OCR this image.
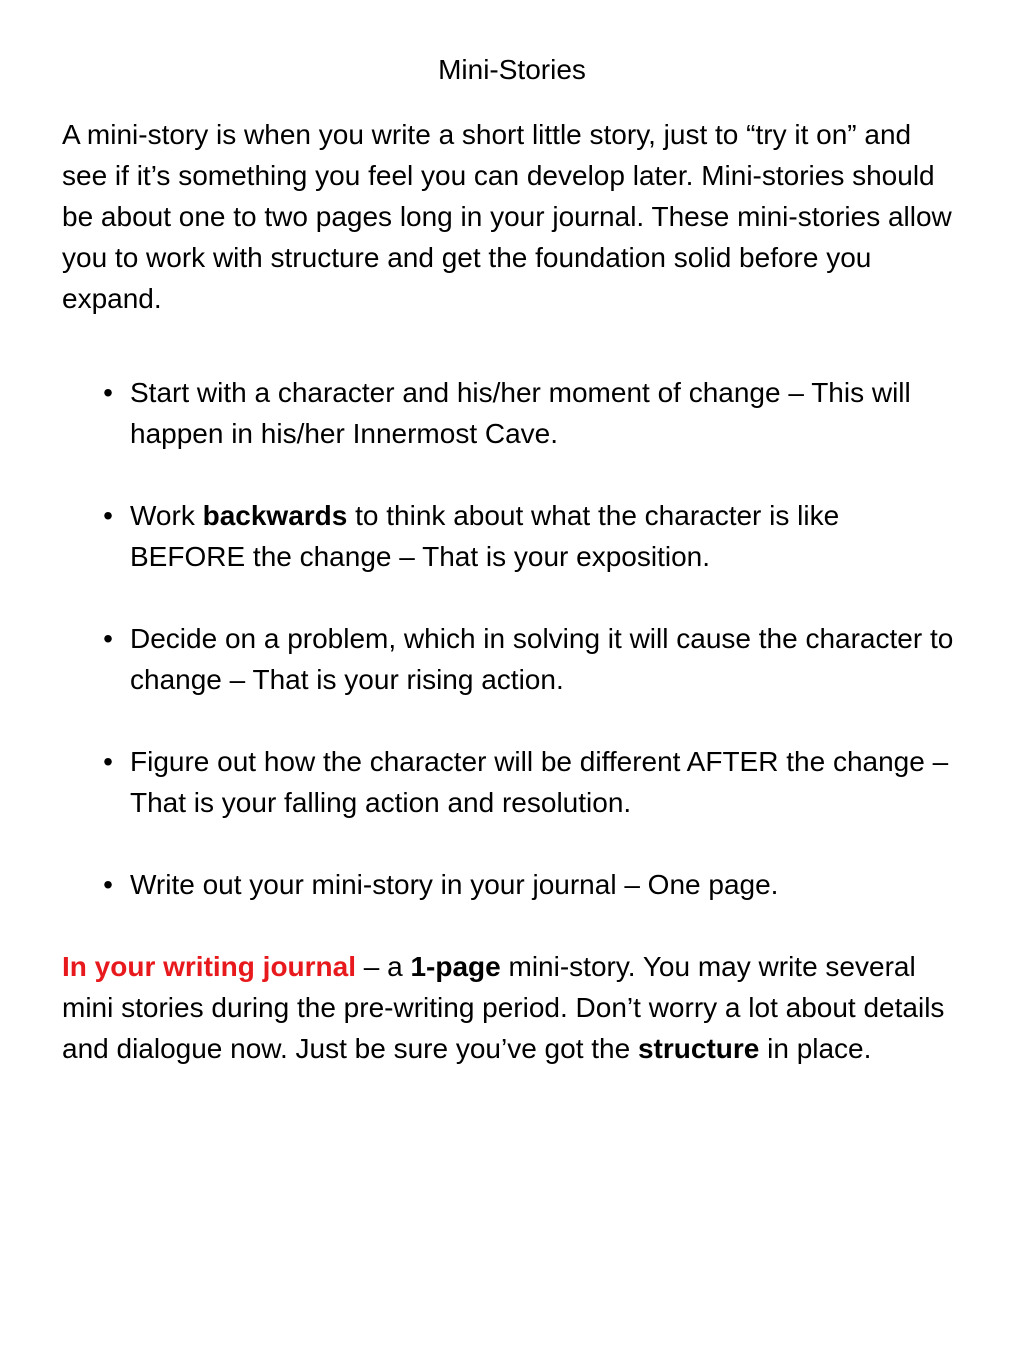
Mini-Stories

A mini-story is when you write a short little story, just to “try it on” and see if it’s something you feel you can develop later. Mini-stories should be about one to two pages long in your journal. These mini-stories allow you to work with structure and get the foundation solid before you expand.

• Start with a character and his/her moment of change – This will happen in his/her Innermost Cave.
• Work backwards to think about what the character is like BEFORE the change – That is your exposition.
• Decide on a problem, which in solving it will cause the character to change – That is your rising action.
• Figure out how the character will be different AFTER the change – That is your falling action and resolution.
• Write out your mini-story in your journal – One page.

In your writing journal – a 1-page mini-story. You may write several mini stories during the pre-writing period. Don’t worry a lot about details and dialogue now. Just be sure you’ve got the structure in place.
